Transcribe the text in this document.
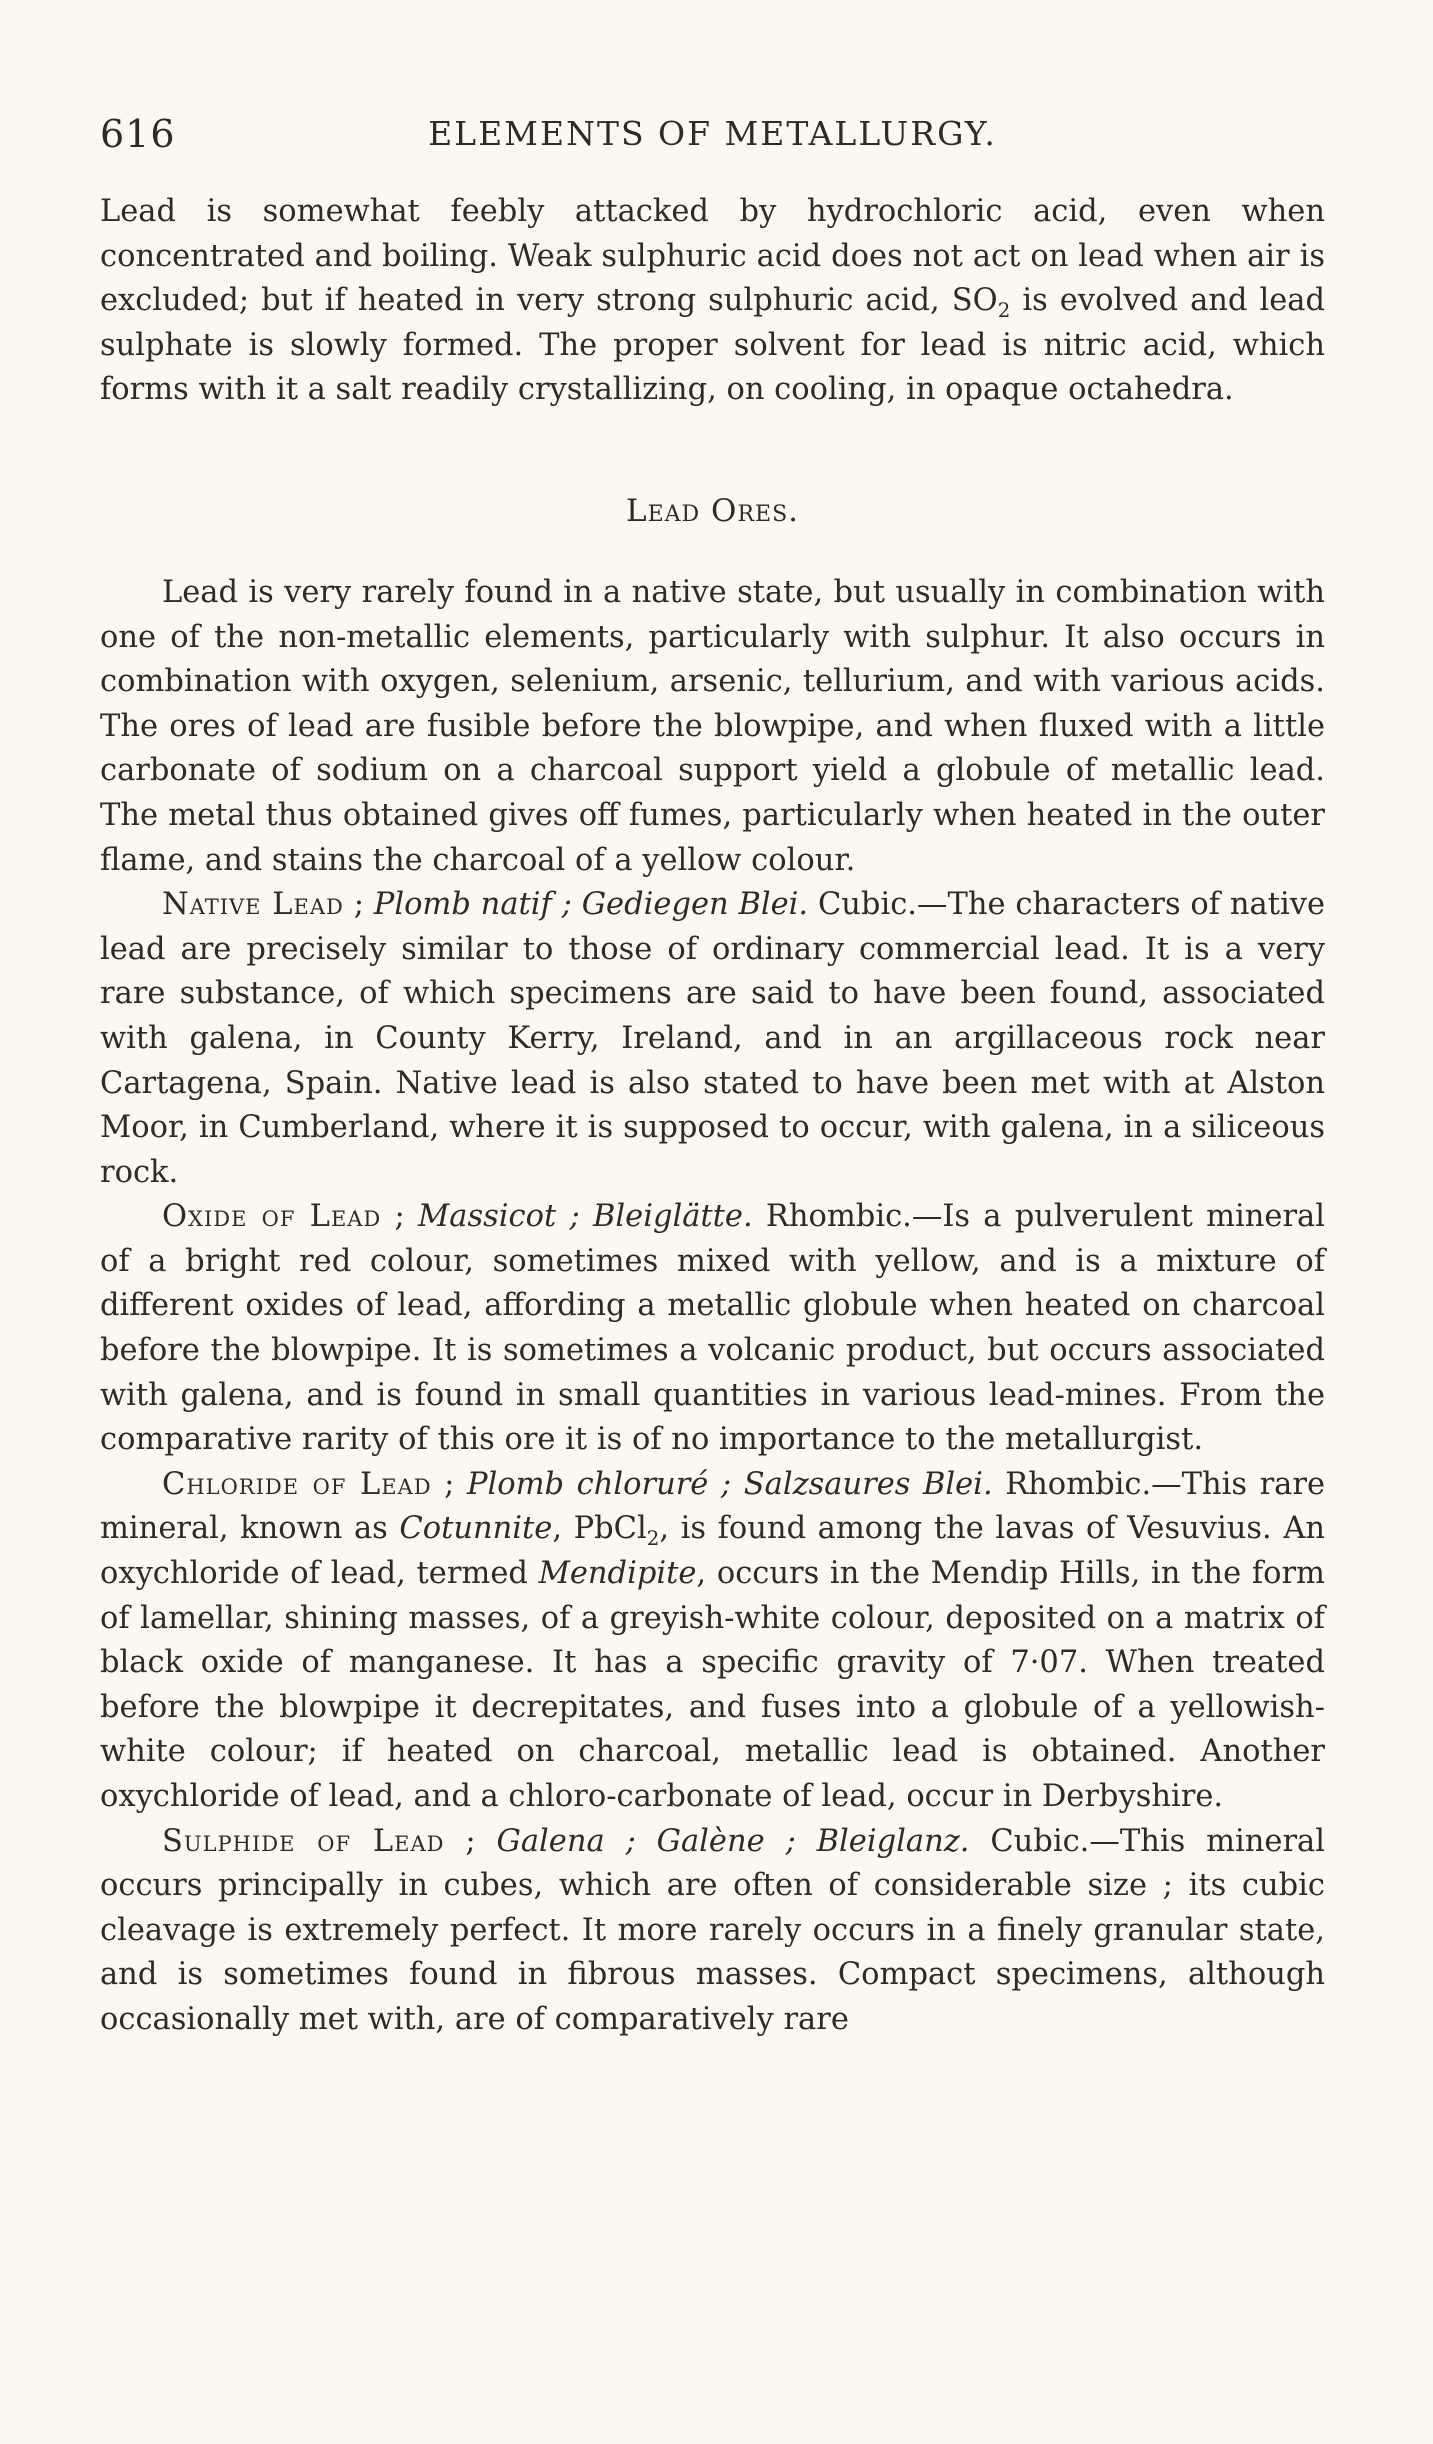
616	ELEMENTS OF METALLURGY.

Lead is somewhat feebly attacked by hydrochloric acid, even when concentrated and boiling. Weak sulphuric acid does not act on lead when air is excluded; but if heated in very strong sulphuric acid, $SO_2$ is evolved and lead sulphate is slowly formed. The proper solvent for lead is nitric acid, which forms with it a salt readily crystallizing, on cooling, in opaque octahedra.

Lead Ores.

Lead is very rarely found in a native state, but usually in combination with one of the non-metallic elements, particularly with sulphur. It also occurs in combination with oxygen, selenium, arsenic, tellurium, and with various acids. The ores of lead are fusible before the blowpipe, and when fluxed with a little carbonate of sodium on a charcoal support yield a globule of metallic lead. The metal thus obtained gives off fumes, particularly when heated in the outer flame, and stains the charcoal of a yellow colour.

Native Lead ; Plomb natif ; Gediegen Blei. Cubic.—The characters of native lead are precisely similar to those of ordinary commercial lead. It is a very rare substance, of which specimens are said to have been found, associated with galena, in County Kerry, Ireland, and in an argillaceous rock near Cartagena, Spain. Native lead is also stated to have been met with at Alston Moor, in Cumberland, where it is supposed to occur, with galena, in a siliceous rock.

Oxide of Lead ; Massicot ; Bleiglätte. Rhombic.—Is a pulverulent mineral of a bright red colour, sometimes mixed with yellow, and is a mixture of different oxides of lead, affording a metallic globule when heated on charcoal before the blowpipe. It is sometimes a volcanic product, but occurs associated with galena, and is found in small quantities in various lead-mines. From the comparative rarity of this ore it is of no importance to the metallurgist.

Chloride of Lead ; Plomb chloruré ; Salzsaures Blei. Rhombic.—This rare mineral, known as Cotunnite, PbCl$_2$, is found among the lavas of Vesuvius. An oxychloride of lead, termed Mendipite, occurs in the Mendip Hills, in the form of lamellar, shining masses, of a greyish-white colour, deposited on a matrix of black oxide of manganese. It has a specific gravity of 7·07. When treated before the blowpipe it decrepitates, and fuses into a globule of a yellowish-white colour; if heated on charcoal, metallic lead is obtained. Another oxychloride of lead, and a chloro-carbonate of lead, occur in Derbyshire.

Sulphide of Lead ; Galena ; Galène ; Bleiglanz. Cubic.—This mineral occurs principally in cubes, which are often of considerable size ; its cubic cleavage is extremely perfect. It more rarely occurs in a finely granular state, and is sometimes found in fibrous masses. Compact specimens, although occasionally met with, are of comparatively rare
